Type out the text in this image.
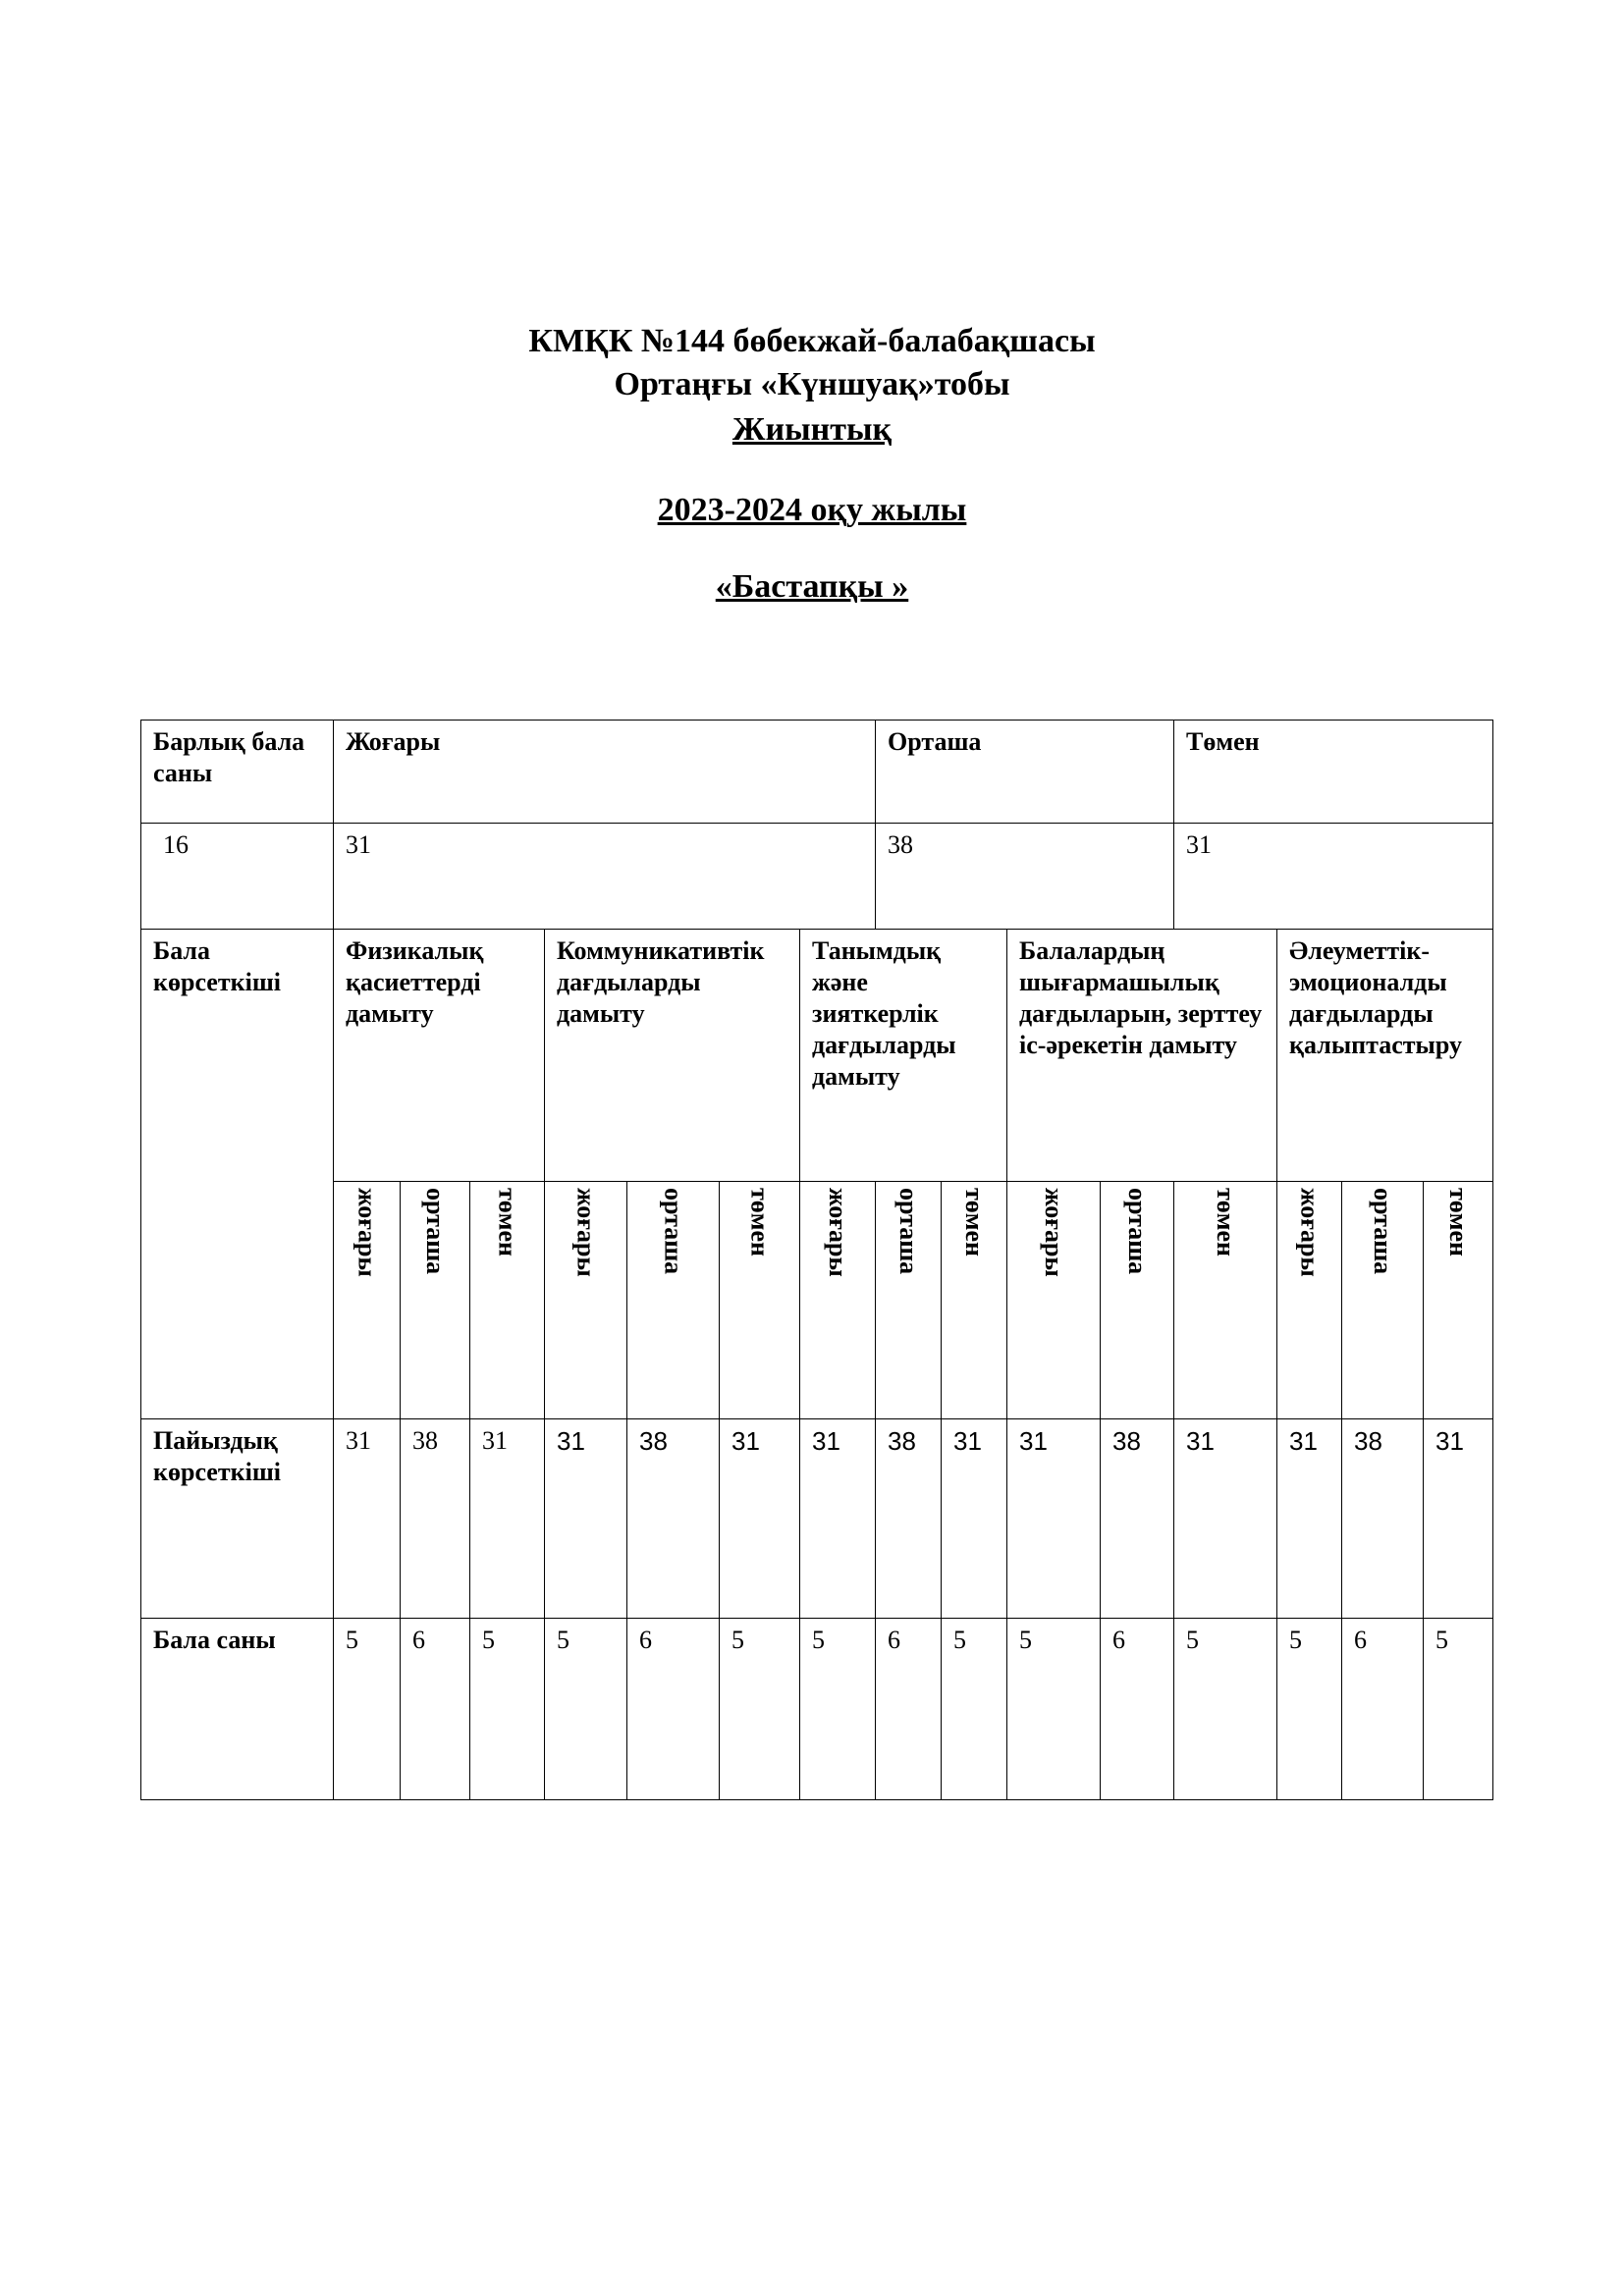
КМҚК №144 бөбекжай-балабақшасы
Ортаңғы «Күншуақ»тобы
Жиынтық
2023-2024 оқу жылы
«Бастапқы »
Барлық бала саны	Жоғары							Орташа				Төмен			
16	31							38				31			
Бала көрсеткіші	Физикалық қасиеттерді дамыту			Коммуникативтік дағдыларды дамыту			Танымдық және зияткерлік дағдыларды дамыту			Балалардың шығармашылық дағдыларын, зерттеу іс-әрекетін дамыту			Әлеуметтік-эмоционалды дағдыларды қалыптастыру		
	жоғары	орташа	төмен	жоғары	орташа	төмен	жоғары	орташа	төмен	жоғары	орташа	төмен	жоғары	орташа	төмен
Пайыздық көрсеткіші	31	38	31	31	38	31	31	38	31	31	38	31	31	38	31
Бала саны	5	6	5	5	6	5	5	6	5	5	6	5	5	6	5
